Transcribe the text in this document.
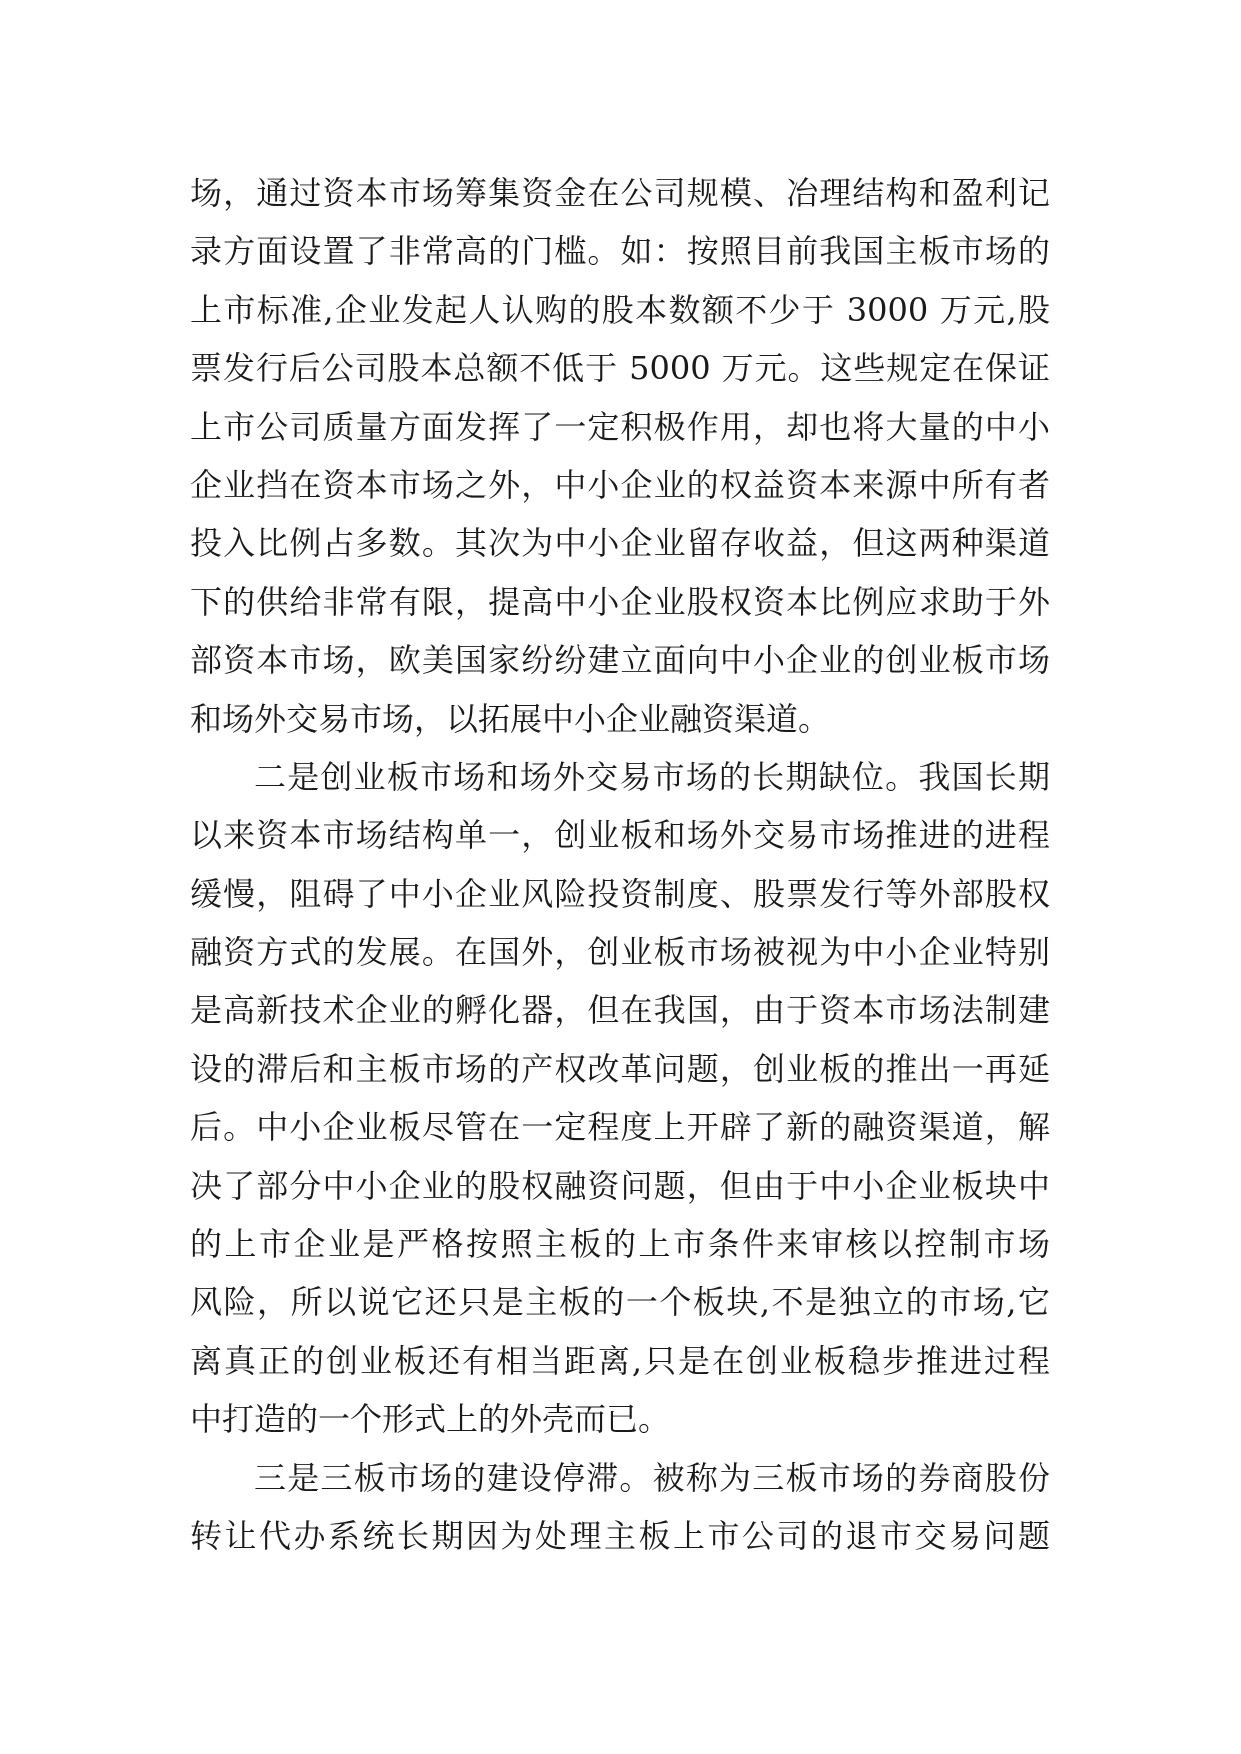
场，通过资本市场筹集资金在公司规模、冶理结构和盈利记
录方面设置了非常高的门槛。如：按照目前我国主板市场的
上市标准,企业发起人认购的股本数额不少于 3000 万元,股
票发行后公司股本总额不低于 5000 万元。这些规定在保证
上市公司质量方面发挥了一定积极作用，却也将大量的中小
企业挡在资本市场之外，中小企业的权益资本来源中所有者
投入比例占多数。其次为中小企业留存收益，但这两种渠道
下的供给非常有限，提高中小企业股权资本比例应求助于外
部资本市场，欧美国家纷纷建立面向中小企业的创业板市场
和场外交易市场，以拓展中小企业融资渠道。
二是创业板市场和场外交易市场的长期缺位。我国长期
以来资本市场结构单一，创业板和场外交易市场推进的进程
缓慢，阻碍了中小企业风险投资制度、股票发行等外部股权
融资方式的发展。在国外，创业板市场被视为中小企业特别
是高新技术企业的孵化器，但在我国，由于资本市场法制建
设的滞后和主板市场的产权改革问题，创业板的推出一再延
后。中小企业板尽管在一定程度上开辟了新的融资渠道，解
决了部分中小企业的股权融资问题，但由于中小企业板块中
的上市企业是严格按照主板的上市条件来审核以控制市场
风险，所以说它还只是主板的一个板块,不是独立的市场,它
离真正的创业板还有相当距离,只是在创业板稳步推进过程
中打造的一个形式上的外壳而已。
三是三板市场的建设停滞。被称为三板市场的券商股份
转让代办系统长期因为处理主板上市公司的退市交易问题
